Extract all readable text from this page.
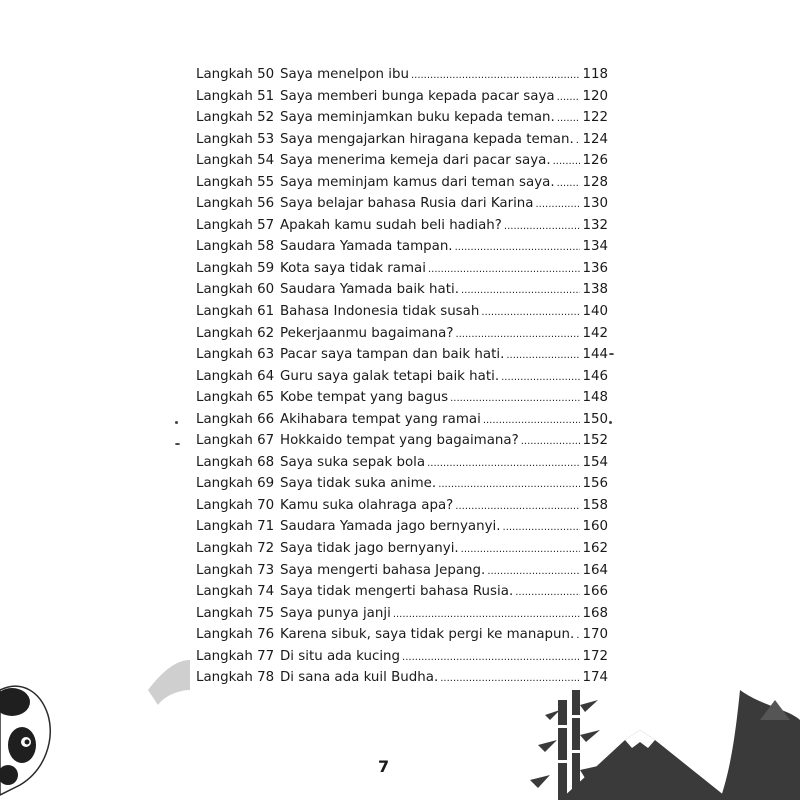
Langkah 50 Saya menelpon ibu .....	118
Langkah 51 Saya memberi bunga kepada pacar saya ..... 120
Langkah 52 Saya meminjamkan buku kepada teman. ..... 122
Langkah 53 Saya mengajarkan hiragana kepada teman. ..... 124
Langkah 54 Saya menerima kemeja dari pacar saya. ..... 126
Langkah 55 Saya meminjam kamus dari teman saya. ..... 128
Langkah 56 Saya belajar bahasa Rusia dari Karina .....	130
Langkah 57 Apakah kamu sudah beli hadiah? .....	132
Langkah 58 Saudara Yamada tampan. .....	134
Langkah 59 Kota saya tidak ramai .....	136
Langkah 60 Saudara Yamada baik hati. .....	138
Langkah 61 Bahasa Indonesia tidak susah .....	140
Langkah 62 Pekerjaanmu bagaimana? .....	142
Langkah 63 Pacar saya tampan dan baik hati. .....	144
Langkah 64 Guru saya galak tetapi baik hati. .....	146
Langkah 65 Kobe tempat yang bagus .....	148
Langkah 66 Akihabara tempat yang ramai .....	150
Langkah 67 Hokkaido tempat yang bagaimana? .....	152
Langkah 68 Saya suka sepak bola .....	154
Langkah 69 Saya tidak suka anime. .....	156
Langkah 70 Kamu suka olahraga apa? .....	158
Langkah 71 Saudara Yamada jago bernyanyi. .....	160
Langkah 72 Saya tidak jago bernyanyi. .....	162
Langkah 73 Saya mengerti bahasa Jepang. .....	164
Langkah 74 Saya tidak mengerti bahasa Rusia. .....	166
Langkah 75 Saya punya janji .....	168
Langkah 76 Karena sibuk, saya tidak pergi ke manapun. ..... 170
Langkah 77 Di situ ada kucing .....	172
Langkah 78 Di sana ada kuil Budha. .....	174
7
